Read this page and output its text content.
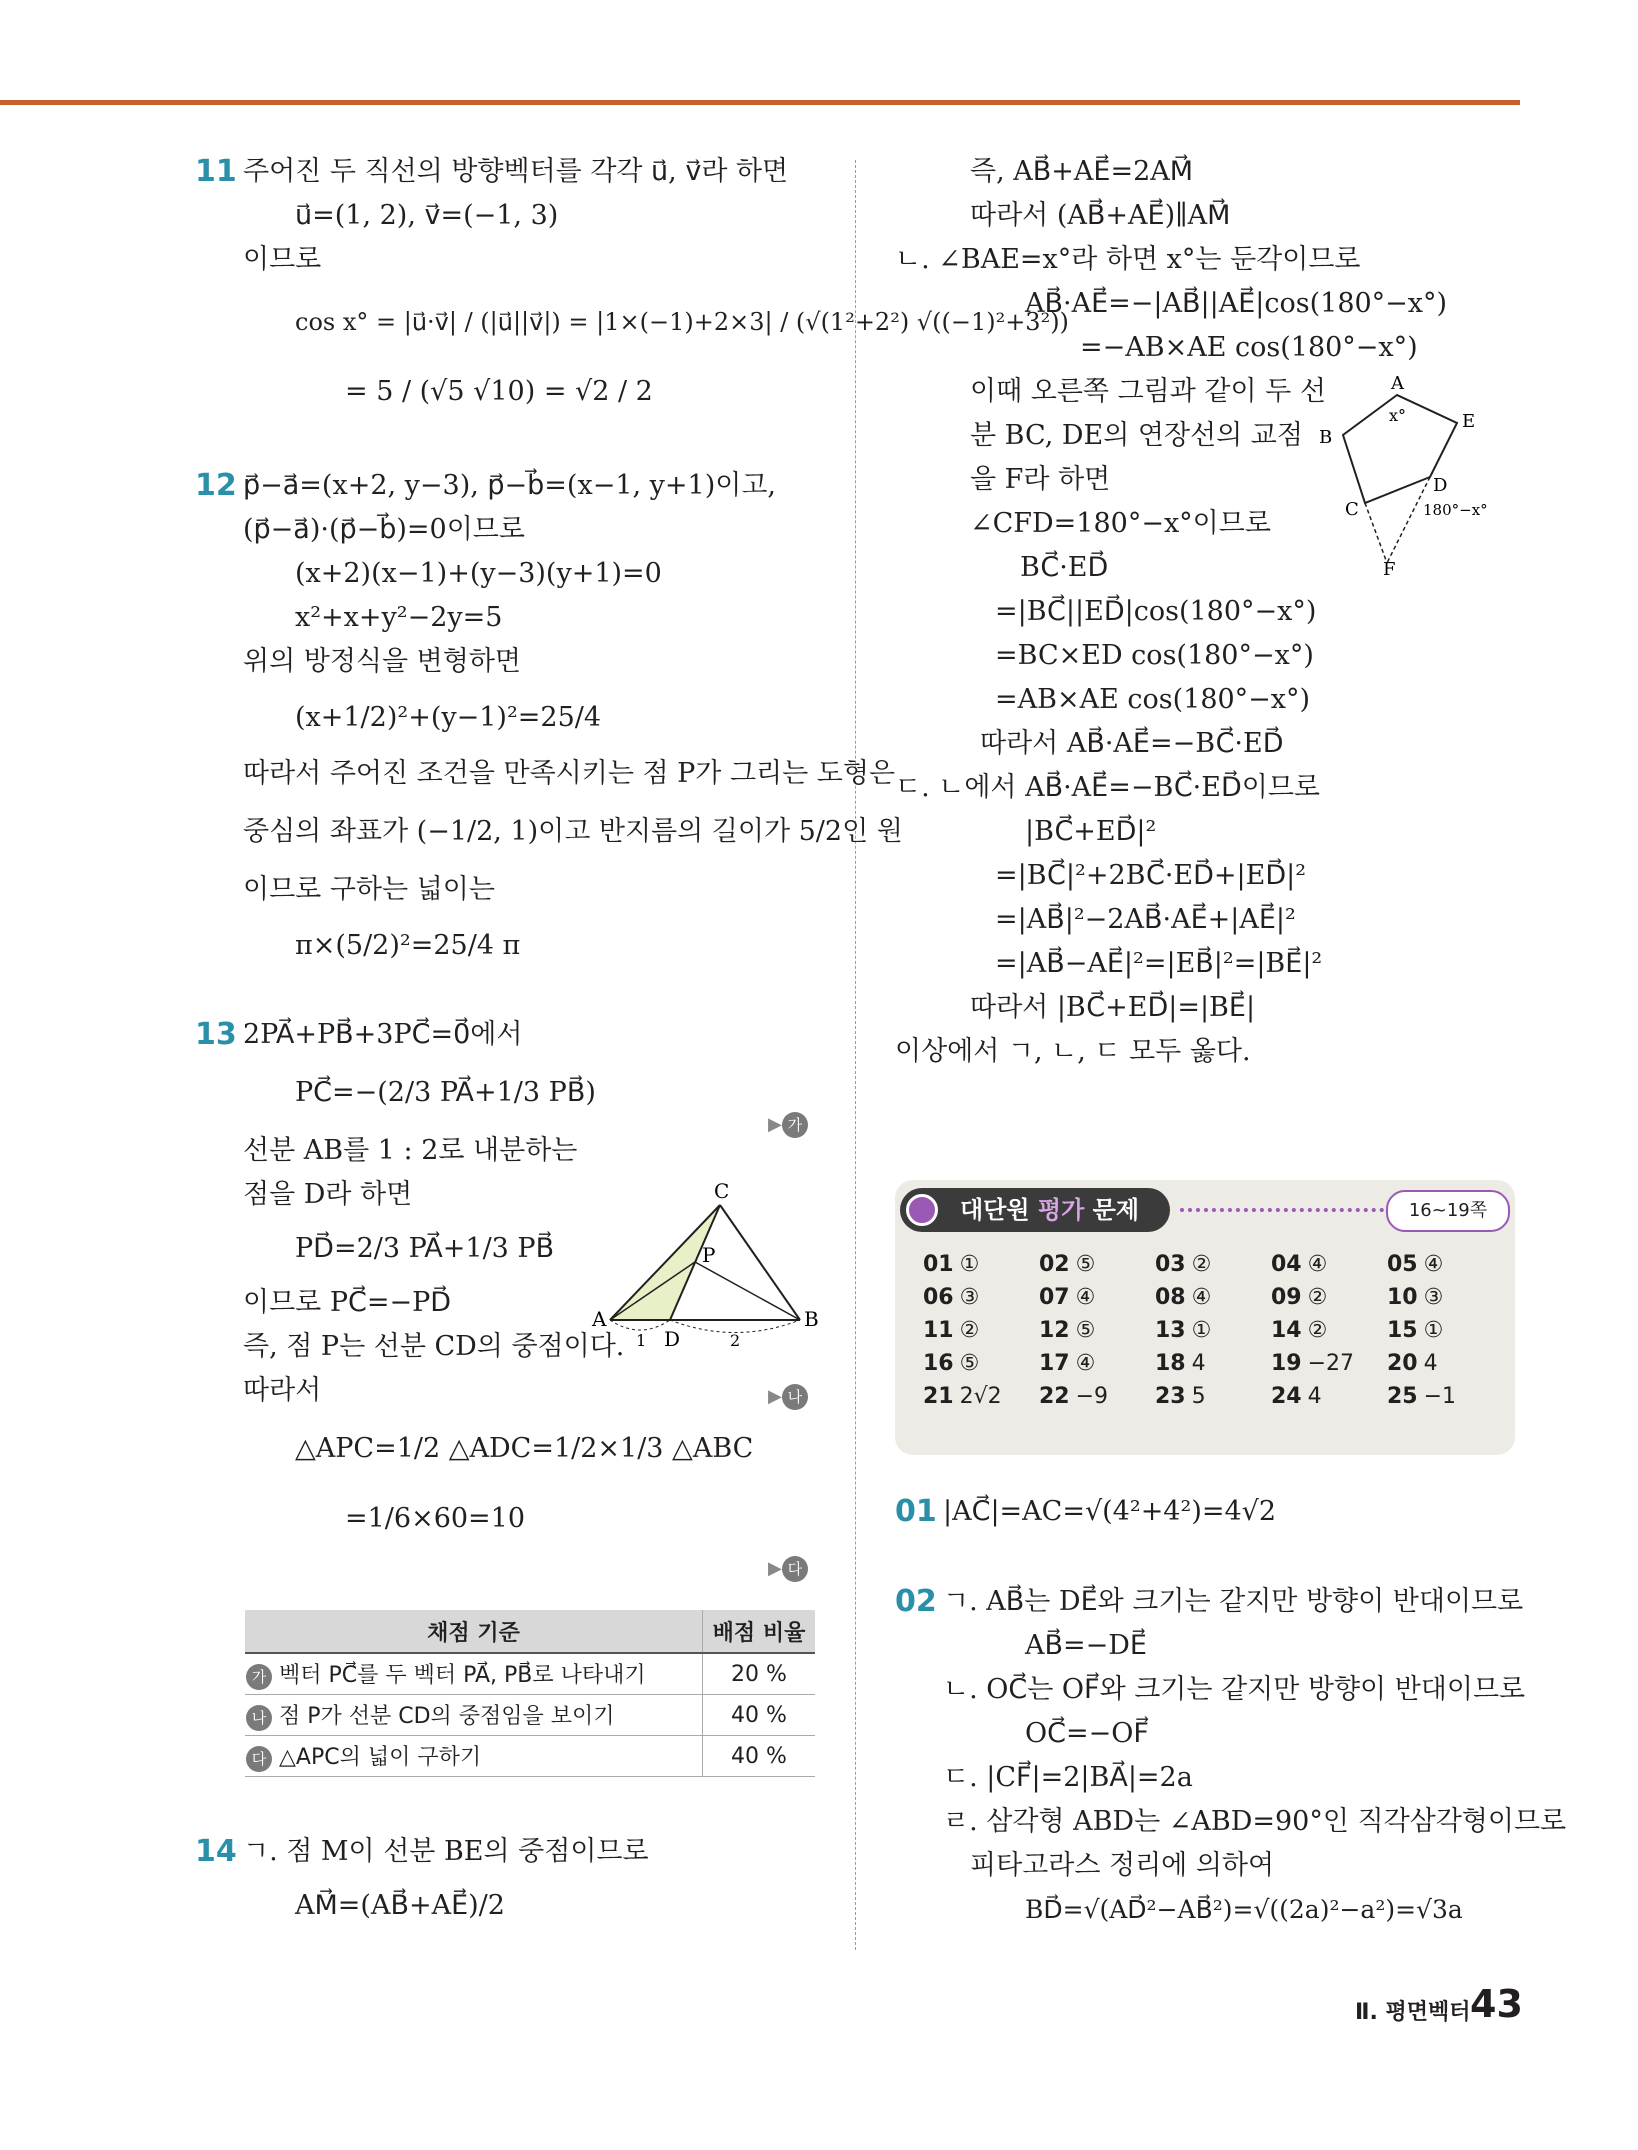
11 주어진 두 직선의 방향벡터를 각각 u⃗, v⃗라 하면
u⃗=(1, 2), v⃗=(−1, 3)
이므로
cos x° = |u⃗·v⃗| / (|u⃗||v⃗|) = |1×(−1)+2×3| / (√(1²+2²) √((−1)²+3²))
= 5 / (√5 √10) = √2 / 2
12 p⃗−a⃗=(x+2, y−3), p⃗−b⃗=(x−1, y+1)이고,
(p⃗−a⃗)·(p⃗−b⃗)=0이므로
(x+2)(x−1)+(y−3)(y+1)=0
x²+x+y²−2y=5
위의 방정식을 변형하면
(x+1/2)²+(y−1)²=25/4
따라서 주어진 조건을 만족시키는 점 P가 그리는 도형은
중심의 좌표가 (−1/2, 1)이고 반지름의 길이가 5/2인 원
이므로 구하는 넓이는
π×(5/2)²=25/4 π
13 2PA⃗+PB⃗+3PC⃗=0⃗에서
PC⃗=−(2/3 PA⃗+1/3 PB⃗)
선분 AB를 1 : 2로 내분하는
점을 D라 하면
PD⃗=2/3 PA⃗+1/3 PB⃗
이므로 PC⃗=−PD⃗
즉, 점 P는 선분 CD의 중점이다.
따라서
△APC=1/2 △ADC=1/2×1/3 △ABC
=1/6×60=10
▶ 가
▶ 나
▶ 다
A	B
C
D
P
1	2
채점 기준	배점 비율
가 벡터 PC⃗를 두 벡터 PA⃗, PB⃗로 나타내기	20 %
나 점 P가 선분 CD의 중점임을 보이기	40 %
다 △APC의 넓이 구하기	40 %
14 ㄱ. 점 M이 선분 BE의 중점이므로
AM⃗=(AB⃗+AE⃗)/2
즉, AB⃗+AE⃗=2AM⃗
따라서 (AB⃗+AE⃗)∥AM⃗
ㄴ. ∠BAE=x°라 하면 x°는 둔각이므로
AB⃗·AE⃗=−|AB⃗||AE⃗|cos(180°−x°)
=−AB×AE cos(180°−x°)
이때 오른쪽 그림과 같이 두 선
분 BC, DE의 연장선의 교점
을 F라 하면
∠CFD=180°−x°이므로
BC⃗·ED⃗
=|BC⃗||ED⃗|cos(180°−x°)
=BC×ED cos(180°−x°)
=AB×AE cos(180°−x°)
따라서 AB⃗·AE⃗=−BC⃗·ED⃗
ㄷ. ㄴ에서 AB⃗·AE⃗=−BC⃗·ED⃗이므로
|BC⃗+ED⃗|²
=|BC⃗|²+2BC⃗·ED⃗+|ED⃗|²
=|AB⃗|²−2AB⃗·AE⃗+|AE⃗|²
=|AB⃗−AE⃗|²=|EB⃗|²=|BE⃗|²
따라서 |BC⃗+ED⃗|=|BE⃗|
이상에서 ㄱ, ㄴ, ㄷ 모두 옳다.
A
B
C
D
E
F
x°
180°−x°
대단원 평가 문제	16~19쪽
01 ①	02 ⑤	03 ②	04 ④	05 ④
06 ③	07 ④	08 ④	09 ②	10 ③
11 ②	12 ⑤	13 ①	14 ②	15 ①
16 ⑤	17 ④	18 4	19 −27	20 4
21 2√2	22 −9	23 5	24 4	25 −1
01 |AC⃗|=AC=√(4²+4²)=4√2
02 ㄱ. AB⃗는 DE⃗와 크기는 같지만 방향이 반대이므로
AB⃗=−DE⃗
ㄴ. OC⃗는 OF⃗와 크기는 같지만 방향이 반대이므로
OC⃗=−OF⃗
ㄷ. |CF⃗|=2|BA⃗|=2a
ㄹ. 삼각형 ABD는 ∠ABD=90°인 직각삼각형이므로
피타고라스 정리에 의하여
BD⃗=√(AD⃗²−AB⃗²)=√((2a)²−a²)=√3a
Ⅱ. 평면벡터 43
